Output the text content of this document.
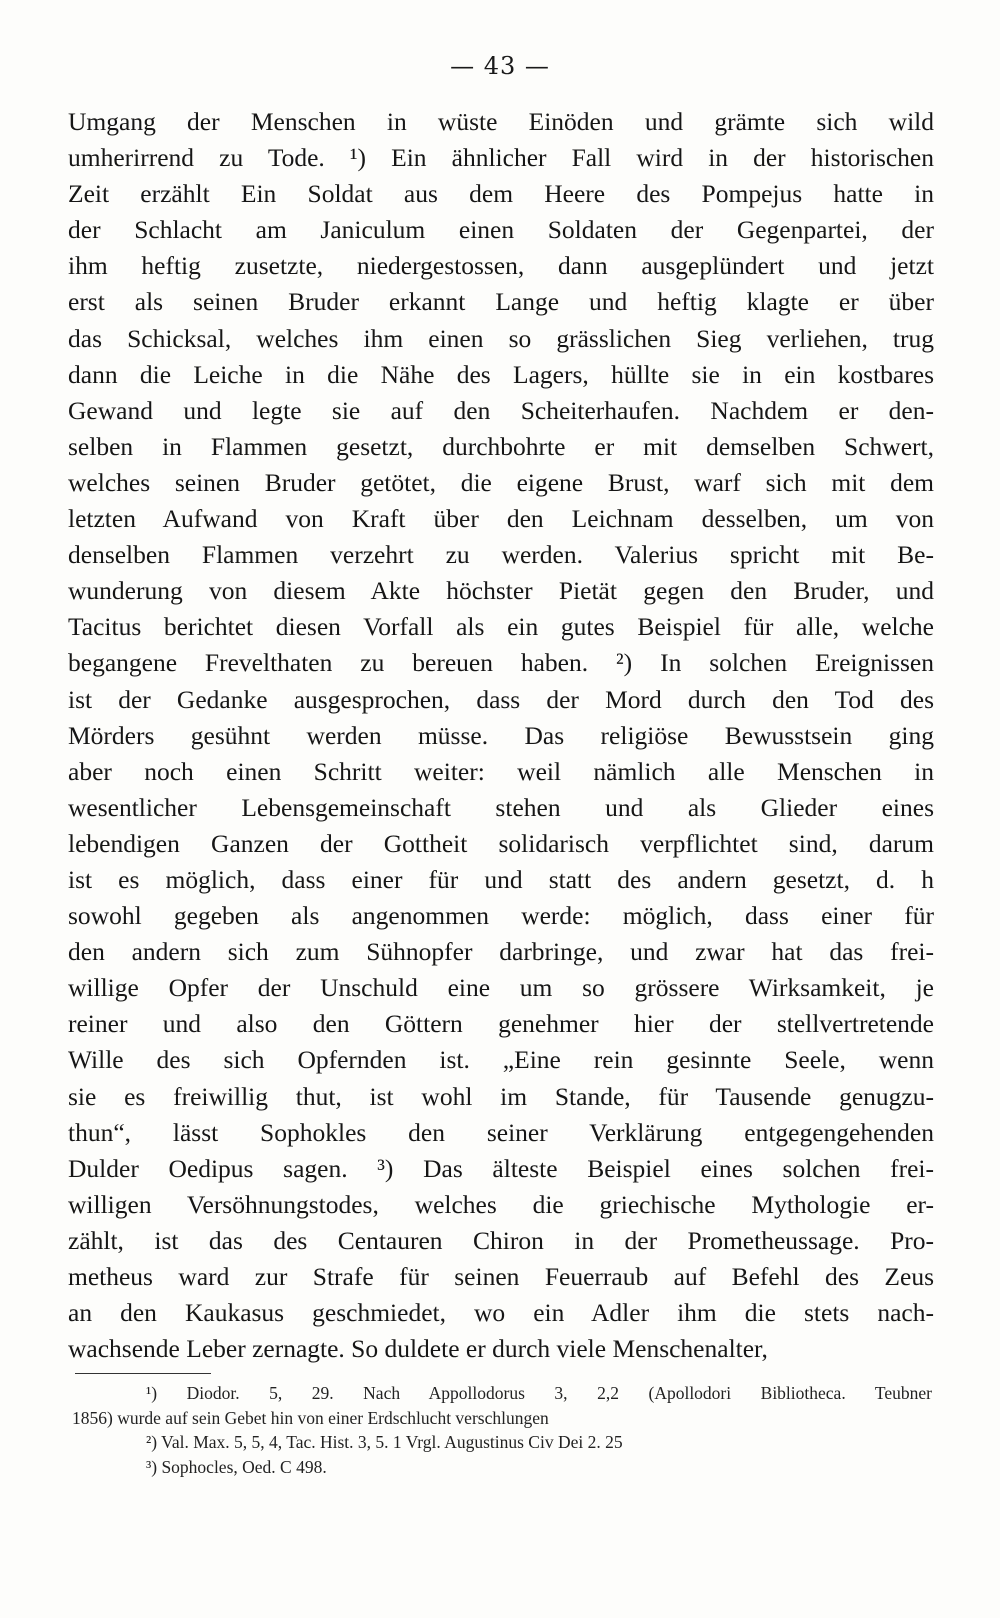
— 43 —
Umgang der Menschen in wüste Einöden und grämte sich wild
umherirrend zu Tode. ¹) Ein ähnlicher Fall wird in der historischen
Zeit erzählt Ein Soldat aus dem Heere des Pompejus hatte in
der Schlacht am Janiculum einen Soldaten der Gegenpartei, der
ihm heftig zusetzte, niedergestossen, dann ausgeplündert und jetzt
erst als seinen Bruder erkannt Lange und heftig klagte er über
das Schicksal, welches ihm einen so grässlichen Sieg verliehen, trug
dann die Leiche in die Nähe des Lagers, hüllte sie in ein kostbares
Gewand und legte sie auf den Scheiterhaufen. Nachdem er den-
selben in Flammen gesetzt, durchbohrte er mit demselben Schwert,
welches seinen Bruder getötet, die eigene Brust, warf sich mit dem
letzten Aufwand von Kraft über den Leichnam desselben, um von
denselben Flammen verzehrt zu werden. Valerius spricht mit Be-
wunderung von diesem Akte höchster Pietät gegen den Bruder, und
Tacitus berichtet diesen Vorfall als ein gutes Beispiel für alle, welche
begangene Frevelthaten zu bereuen haben. ²) In solchen Ereignissen
ist der Gedanke ausgesprochen, dass der Mord durch den Tod des
Mörders gesühnt werden müsse. Das religiöse Bewusstsein ging
aber noch einen Schritt weiter: weil nämlich alle Menschen in
wesentlicher Lebensgemeinschaft stehen und als Glieder eines
lebendigen Ganzen der Gottheit solidarisch verpflichtet sind, darum
ist es möglich, dass einer für und statt des andern gesetzt, d. h
sowohl gegeben als angenommen werde: möglich, dass einer für
den andern sich zum Sühnopfer darbringe, und zwar hat das frei-
willige Opfer der Unschuld eine um so grössere Wirksamkeit, je
reiner und also den Göttern genehmer hier der stellvertretende
Wille des sich Opfernden ist. „Eine rein gesinnte Seele, wenn
sie es freiwillig thut, ist wohl im Stande, für Tausende genugzu-
thun“, lässt Sophokles den seiner Verklärung entgegengehenden
Dulder Oedipus sagen. ³) Das älteste Beispiel eines solchen frei-
willigen Versöhnungstodes, welches die griechische Mythologie er-
zählt, ist das des Centauren Chiron in der Prometheussage. Pro-
metheus ward zur Strafe für seinen Feuerraub auf Befehl des Zeus
an den Kaukasus geschmiedet, wo ein Adler ihm die stets nach-
wachsende Leber zernagte. So duldete er durch viele Menschenalter,
¹) Diodor. 5, 29. Nach Appollodorus 3, 2,2 (Apollodori Bibliotheca. Teubner
1856) wurde auf sein Gebet hin von einer Erdschlucht verschlungen
²) Val. Max. 5, 5, 4, Tac. Hist. 3, 5. 1 Vrgl. Augustinus Civ Dei 2. 25
³) Sophocles, Oed. C 498.
